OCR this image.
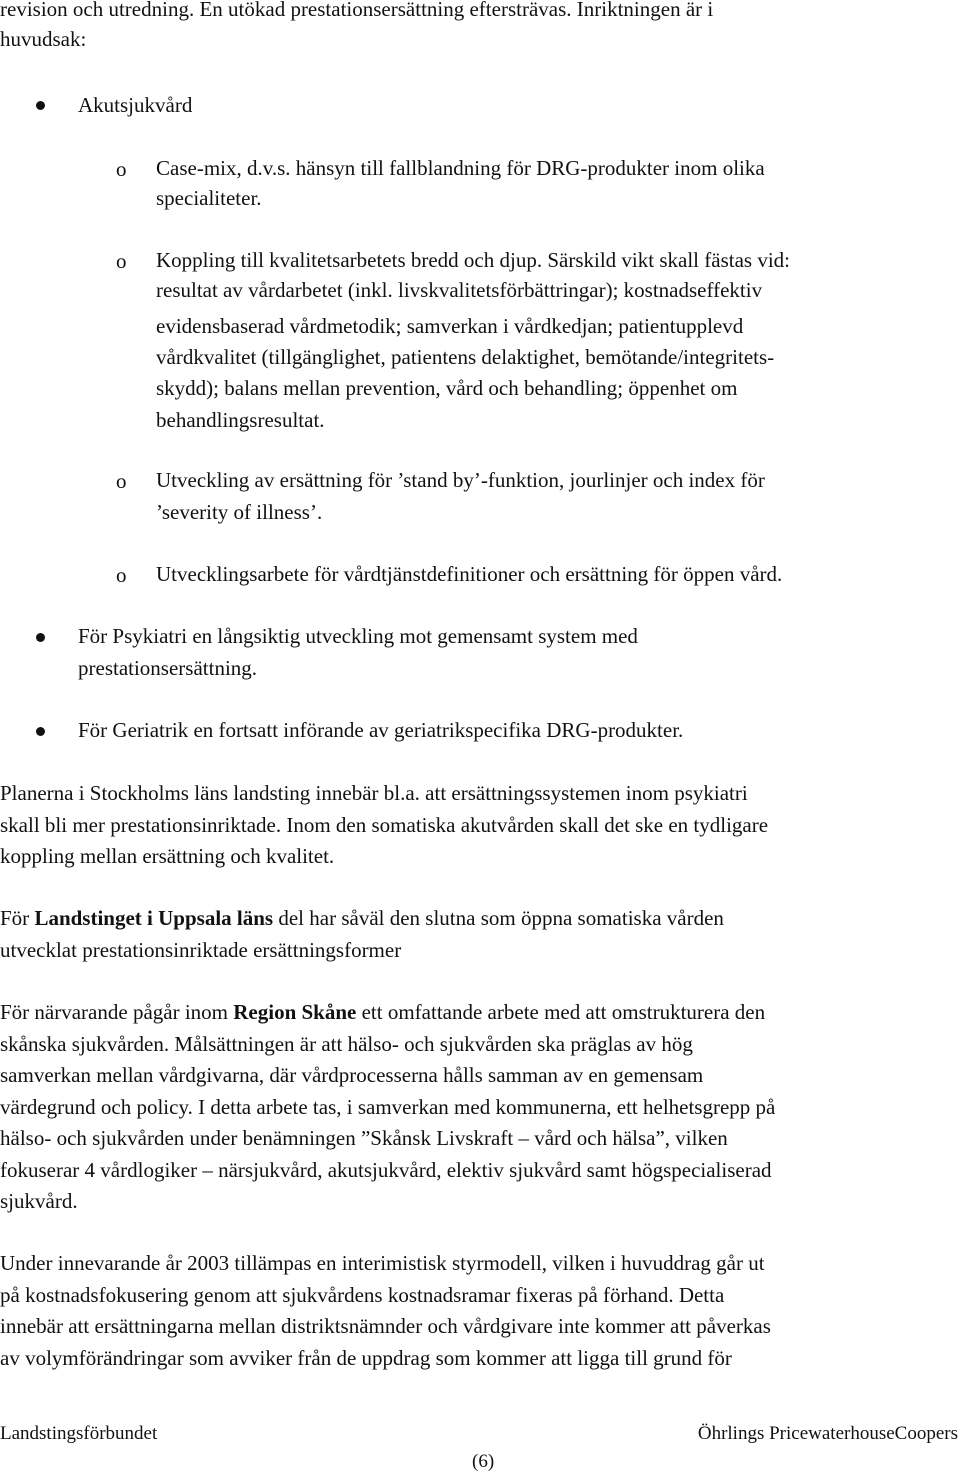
revision och utredning. En utökad prestationsersättning eftersträvas. Inriktningen är i
huvudsak:
Akutsjukvård
o Case-mix, d.v.s. hänsyn till fallblandning för DRG-produkter inom olika
specialiteter.
o Koppling till kvalitetsarbetets bredd och djup. Särskild vikt skall fästas vid:
resultat av vårdarbetet (inkl. livskvalitetsförbättringar); kostnadseffektiv
evidensbaserad vårdmetodik; samverkan i vårdkedjan; patientupplevd
vårdkvalitet (tillgänglighet, patientens delaktighet, bemötande/integritets-
skydd); balans mellan prevention, vård och behandling; öppenhet om
behandlingsresultat.
o Utveckling av ersättning för ’stand by’-funktion, jourlinjer och index för
’severity of illness’.
o Utvecklingsarbete för vårdtjänstdefinitioner och ersättning för öppen vård.
För Psykiatri en långsiktig utveckling mot gemensamt system med
prestationsersättning.
För Geriatrik en fortsatt införande av geriatrikspecifika DRG-produkter.
Planerna i Stockholms läns landsting innebär bl.a. att ersättningssystemen inom psykiatri
skall bli mer prestationsinriktade. Inom den somatiska akutvården skall det ske en tydligare
koppling mellan ersättning och kvalitet.
För Landstinget i Uppsala läns del har såväl den slutna som öppna somatiska vården
utvecklat prestationsinriktade ersättningsformer
För närvarande pågår inom Region Skåne ett omfattande arbete med att omstrukturera den
skånska sjukvården. Målsättningen är att hälso- och sjukvården ska präglas av hög
samverkan mellan vårdgivarna, där vårdprocesserna hålls samman av en gemensam
värdegrund och policy. I detta arbete tas, i samverkan med kommunerna, ett helhetsgrepp på
hälso- och sjukvården under benämningen ”Skånsk Livskraft – vård och hälsa”, vilken
fokuserar 4 vårdlogiker – närsjukvård, akutsjukvård, elektiv sjukvård samt högspecialiserad
sjukvård.
Under innevarande år 2003 tillämpas en interimistisk styrmodell, vilken i huvuddrag går ut
på kostnadsfokusering genom att sjukvårdens kostnadsramar fixeras på förhand. Detta
innebär att ersättningarna mellan distriktsnämnder och vårdgivare inte kommer att påverkas
av volymförändringar som avviker från de uppdrag som kommer att ligga till grund för
Landstingsförbundet	Öhrlings PricewaterhouseCoopers
(6)
